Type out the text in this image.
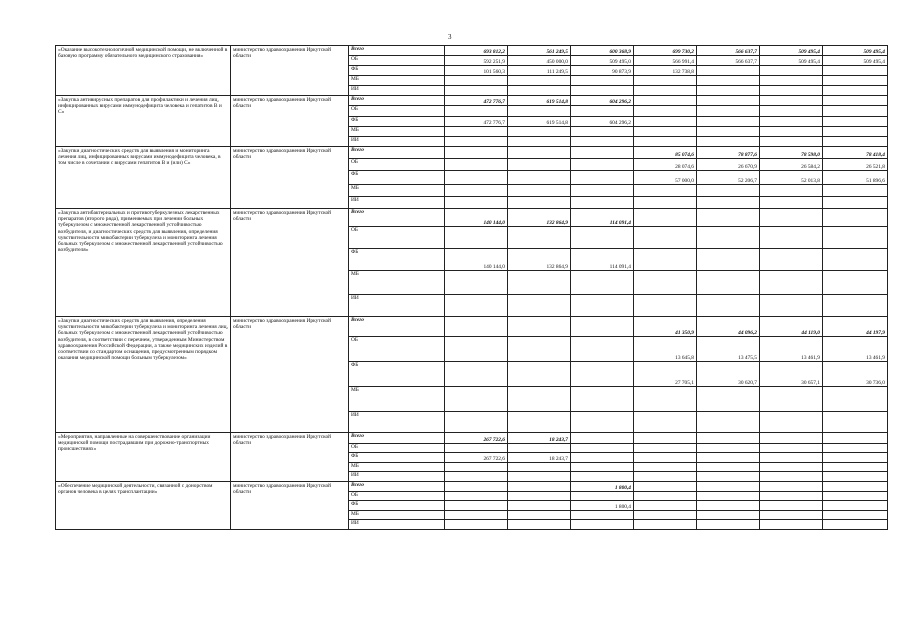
3
«Оказание высокотехнологичной медицинской помощи, не включенной в базовую программу обязательного медицинского страхования»	министерство здравоохранения Иркутской области	Всего	693 812,2	561 249,5	600 368,9	699 730,2	566 637,7	509 495,4	509 495,4
		ОБ	592 251,9	450 000,0	509 495,0	566 991,4	566 637,7	509 495,4	509 495,4
		ФБ	101 560,3	111 249,5	90 873,9	132 738,8			
		МБ							
		ИИ							
«Закупка антивирусных препаратов для профилактики и лечения лиц, инфицированных вирусами иммунодефицита человека и гепатитов В и С»	министерство здравоохранения Иркутской области	Всего	472 776,7	619 514,8	604 296,2				
		ОБ							
		ФБ	472 776,7	619 514,8	604 296,2				
		МБ							
		ИИ							
«Закупки диагностических средств для выявления и мониторинга лечения лиц, инфицированных вирусами иммунодефицита человека, в том числе в сочетании с вирусами гепатитов В и (или) С»	министерство здравоохранения Иркутской области	Всего				85 074,6	78 877,6	78 598,0	78 418,4
		ОБ				28 074,6	26 670,9	26 584,2	26 521,8
		ФБ				57 000,0	52 206,7	52 013,8	51 896,6
		МБ							
		ИИ							
«Закупка антибактериальных и противотуберкулезных лекарственных препаратов (второго ряда), применяемых при лечении больных туберкулезом с множественной лекарственной устойчивостью возбудителя, и диагностических средств для выявления, определения чувствительности микобактерии туберкулеза и мониторинга лечения больных туберкулезом с множественной лекарственной устойчивостью возбудителя»	министерство здравоохранения Иркутской области	Всего	140 144,0	132 864,9	114 091,4				
		ОБ							
		ФБ	140 144,0	132 864,9	114 091,4				
		МБ							
		ИИ							
«Закупки диагностических средств для выявления, определения чувствительности микобактерии туберкулеза и мониторинга лечения лиц, больных туберкулезом с множественной лекарственной устойчивостью возбудителя, в соответствии с перечнем, утвержденным Министерством здравоохранения Российской Федерации, а также медицинских изделий в соответствии со стандартом оснащения, предусмотренным порядком оказания медицинской помощи больным туберкулезом»	министерство здравоохранения Иркутской области	Всего				41 350,9	44 096,2	44 119,0	44 197,9
		ОБ				13 645,8	13 475,5	13 461,9	13 461,9
		ФБ				27 705,1	30 620,7	30 657,1	30 736,0
		МБ							
		ИИ							
«Мероприятия, направленные на совершенствование организации медицинской помощи пострадавшим при дорожно-транспортных происшествиях»	министерство здравоохранения Иркутской области	Всего	267 722,6	18 243,7					
		ОБ							
		ФБ	267 722,6	18 243,7					
		МБ							
		ИИ							
«Обеспечение медицинской деятельности, связанной с донорством органов человека в целях трансплантации»	министерство здравоохранения Иркутской области	Всего			1 800,4				
		ОБ							
		ФБ			1 800,4				
		МБ							
		ИИ							
